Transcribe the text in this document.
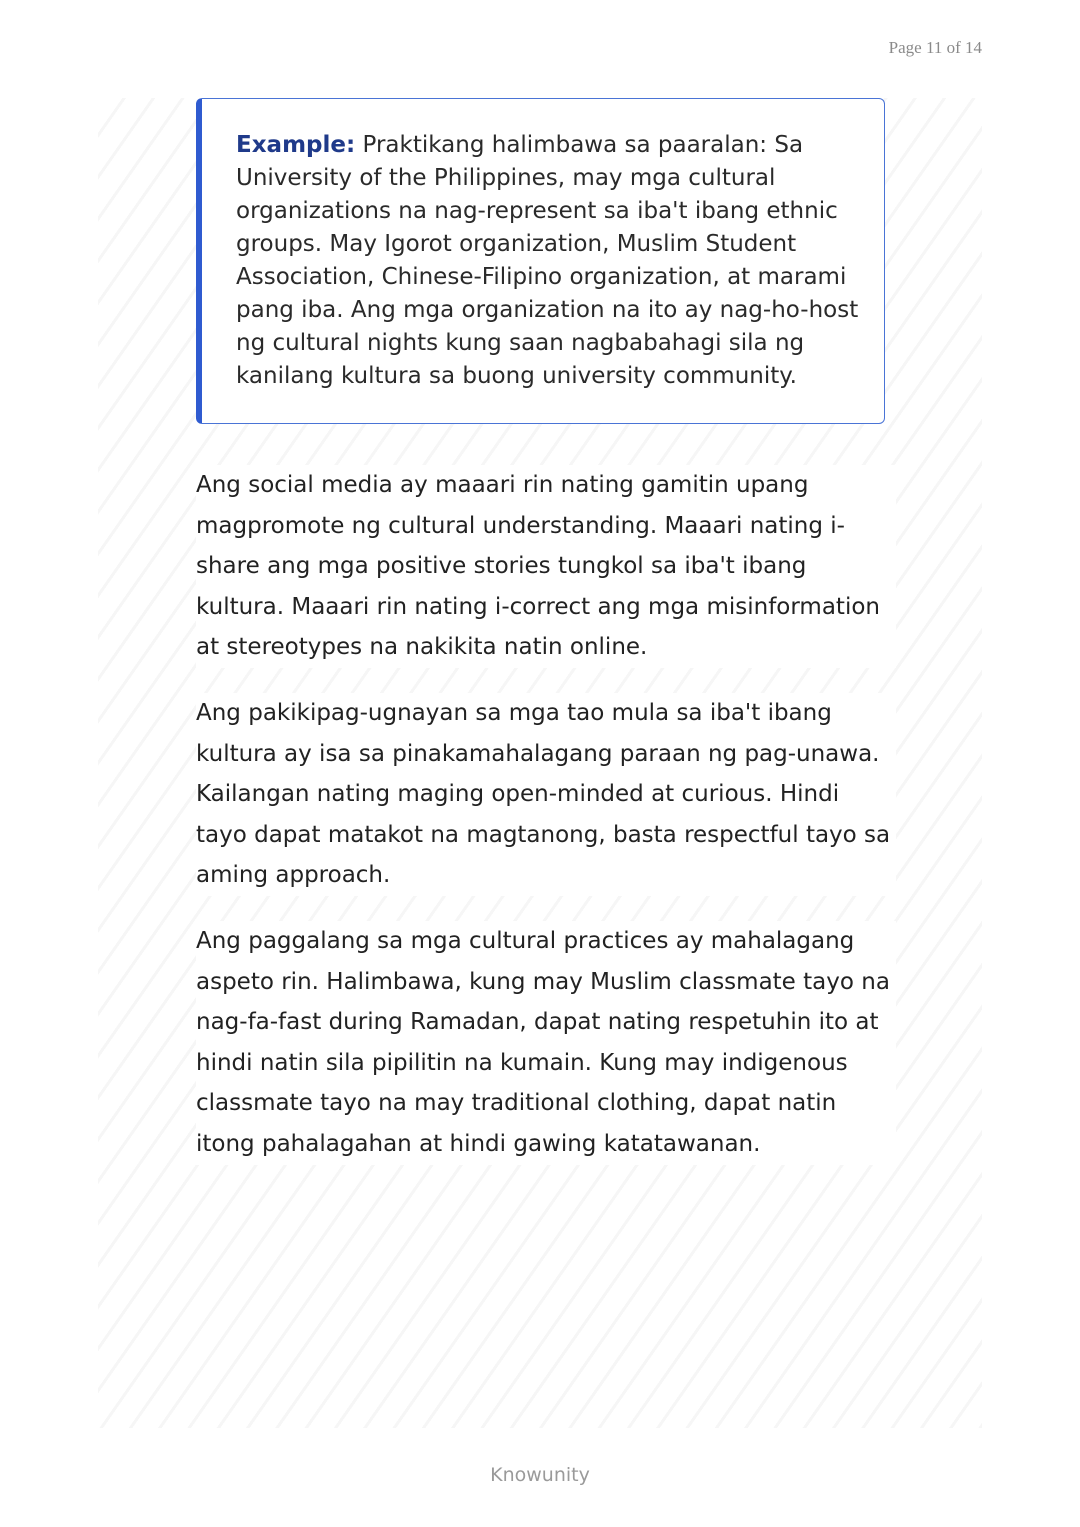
Page 11 of 14
Example: Praktikang halimbawa sa paaralan: Sa University of the Philippines, may mga cultural organizations na nag-represent sa iba't ibang ethnic groups. May Igorot organization, Muslim Student Association, Chinese-Filipino organization, at marami pang iba. Ang mga organization na ito ay nag-ho-host ng cultural nights kung saan nagbabahagi sila ng kanilang kultura sa buong university community.

Ang social media ay maaari rin nating gamitin upang magpromote ng cultural understanding. Maaari nating i-share ang mga positive stories tungkol sa iba't ibang kultura. Maaari rin nating i-correct ang mga misinformation at stereotypes na nakikita natin online.

Ang pakikipag-ugnayan sa mga tao mula sa iba't ibang kultura ay isa sa pinakamahalagang paraan ng pag-unawa. Kailangan nating maging open-minded at curious. Hindi tayo dapat matakot na magtanong, basta respectful tayo sa aming approach.

Ang paggalang sa mga cultural practices ay mahalagang aspeto rin. Halimbawa, kung may Muslim classmate tayo na nag-fa-fast during Ramadan, dapat nating respetuhin ito at hindi natin sila pipilitin na kumain. Kung may indigenous classmate tayo na may traditional clothing, dapat natin itong pahalagahan at hindi gawing katatawanan.

Knowunity
